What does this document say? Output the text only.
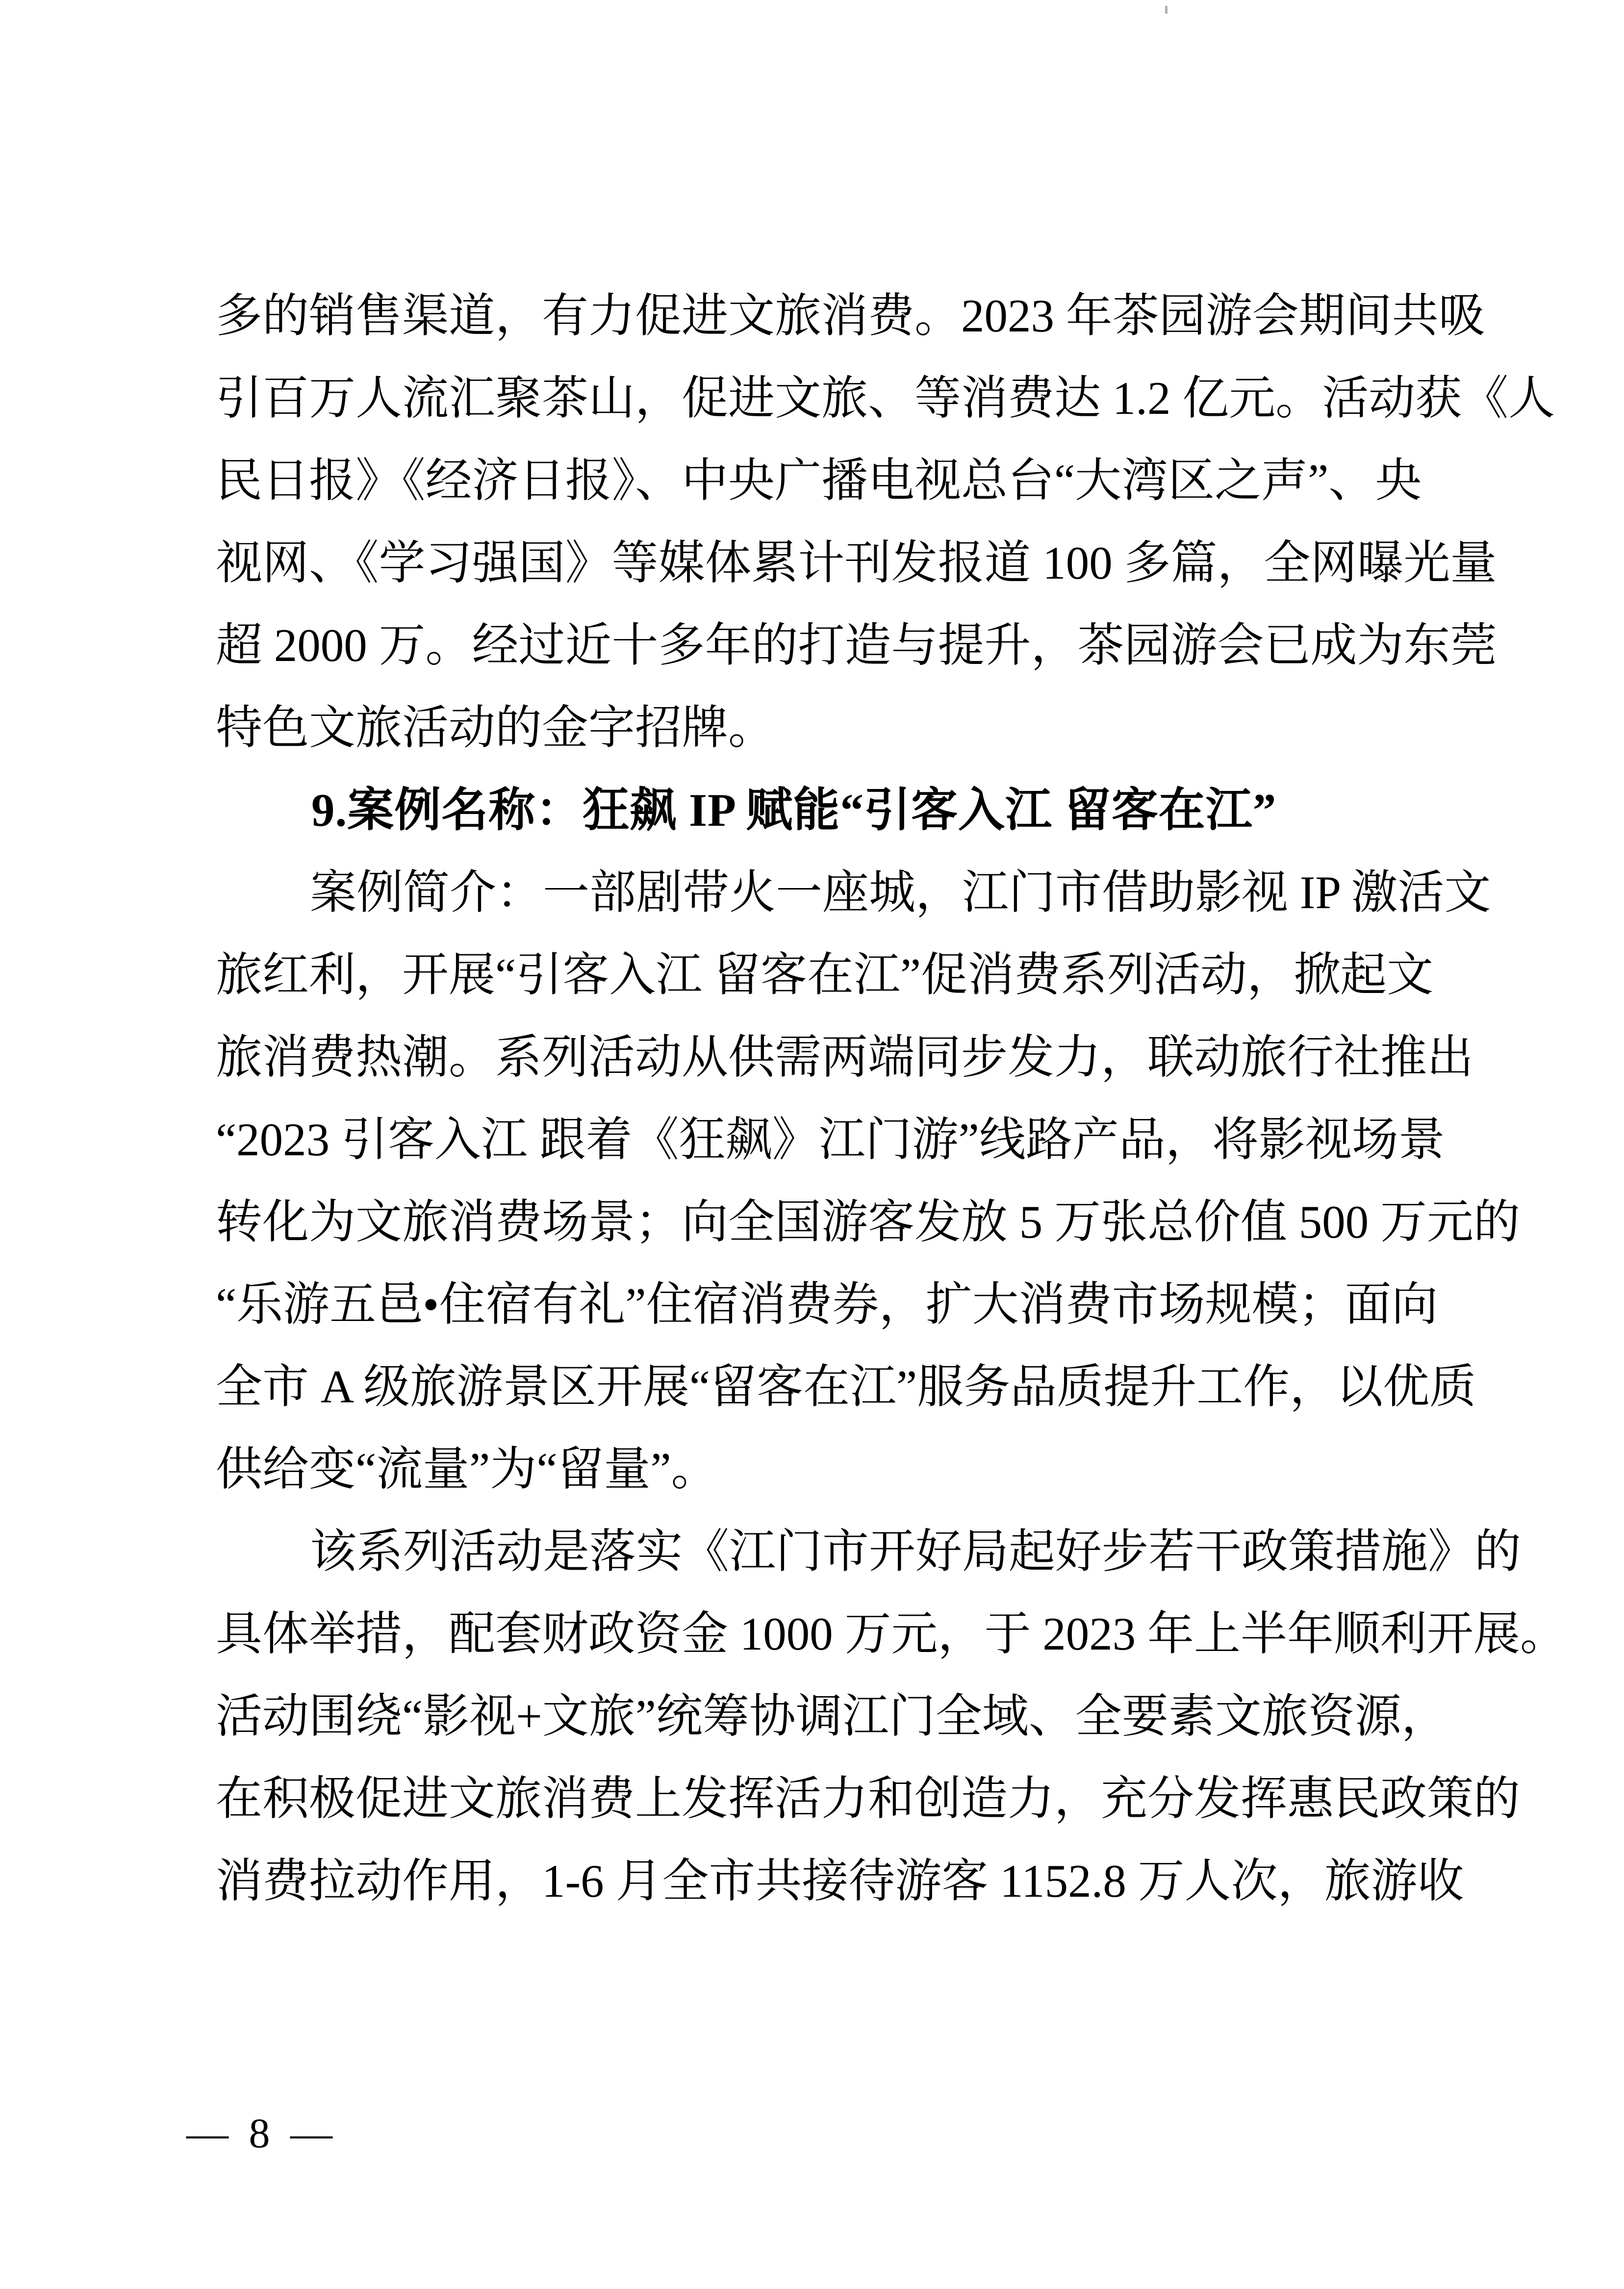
多的销售渠道，有力促进文旅消费。2023 年茶园游会期间共吸
引百万人流汇聚茶山，促进文旅、等消费达 1.2 亿元。活动获《人
民日报》《经济日报》、中央广播电视总台“大湾区之声”、央
视网、《学习强国》等媒体累计刊发报道 100 多篇，全网曝光量
超 2000 万。经过近十多年的打造与提升，茶园游会已成为东莞
特色文旅活动的金字招牌。
9.案例名称：狂飙 IP 赋能“引客入江 留客在江”
案例简介：一部剧带火一座城，江门市借助影视 IP 激活文
旅红利，开展“引客入江 留客在江”促消费系列活动，掀起文
旅消费热潮。系列活动从供需两端同步发力，联动旅行社推出
“2023 引客入江 跟着《狂飙》江门游”线路产品，将影视场景
转化为文旅消费场景；向全国游客发放 5 万张总价值 500 万元的
“乐游五邑•住宿有礼”住宿消费券，扩大消费市场规模；面向
全市 A 级旅游景区开展“留客在江”服务品质提升工作，以优质
供给变“流量”为“留量”。
该系列活动是落实《江门市开好局起好步若干政策措施》的
具体举措，配套财政资金 1000 万元，于 2023 年上半年顺利开展。
活动围绕“影视+文旅”统筹协调江门全域、全要素文旅资源，
在积极促进文旅消费上发挥活力和创造力，充分发挥惠民政策的
消费拉动作用，1-6 月全市共接待游客 1152.8 万人次，旅游收
— 8 —
